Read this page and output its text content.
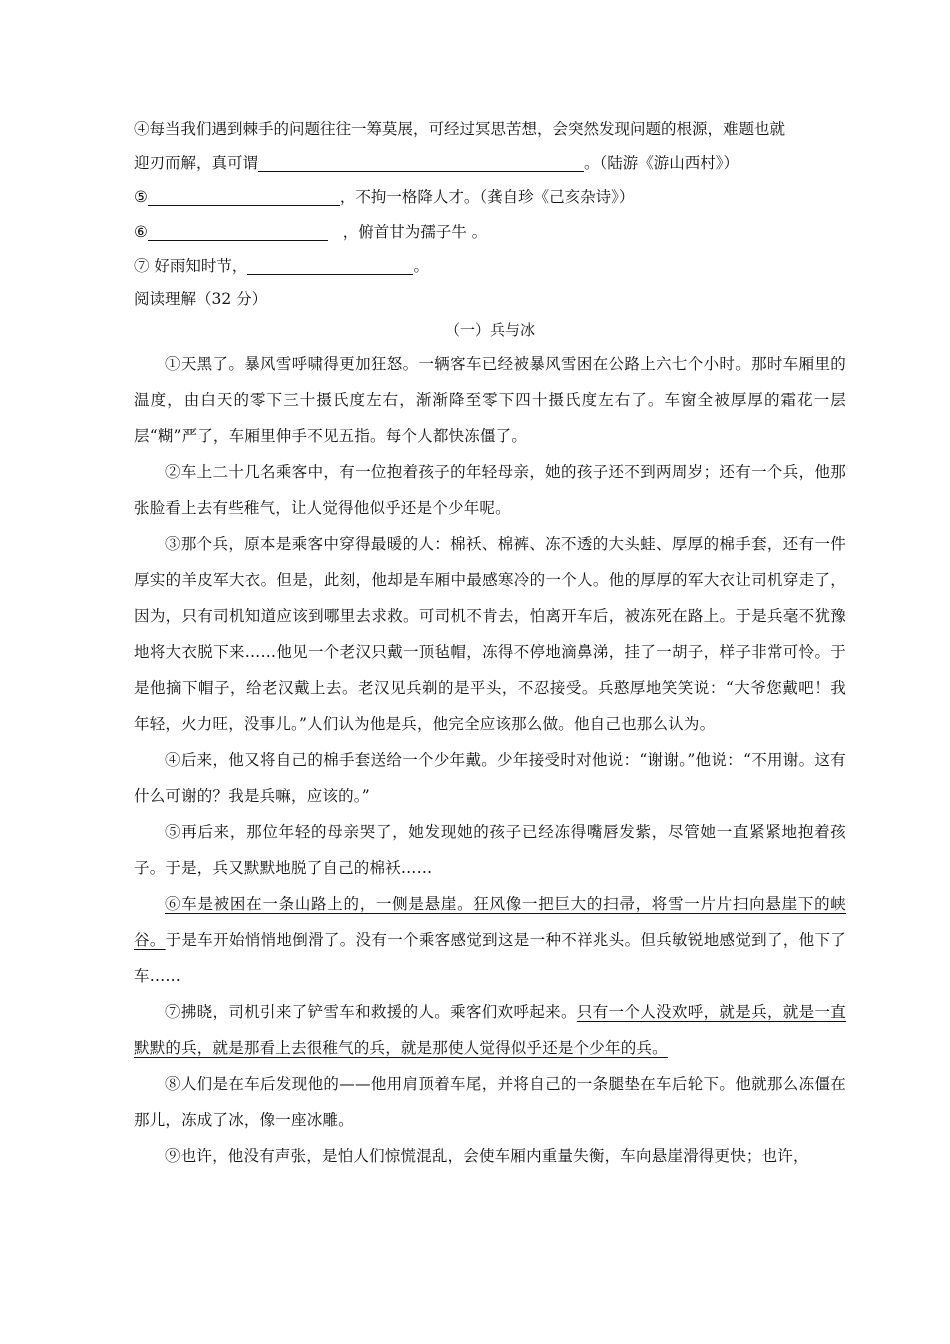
④每当我们遇到棘手的问题往往一筹莫展，可经过冥思苦想，会突然发现问题的根源，难题也就
迎刃而解，真可谓	。（陆游《游山西村》）
⑤	，不拘一格降人才。（龚自珍《己亥杂诗》）
⑥	，俯首甘为孺子牛 。
⑦ 好雨知时节，	。
阅读理解（32 分）
（一）兵与冰

①天黑了。暴风雪呼啸得更加狂怒。一辆客车已经被暴风雪困在公路上六七个小时。那时车厢里的温度，由白天的零下三十摄氏度左右，渐渐降至零下四十摄氏度左右了。车窗全被厚厚的霜花一层层“糊”严了，车厢里伸手不见五指。每个人都快冻僵了。

②车上二十几名乘客中，有一位抱着孩子的年轻母亲，她的孩子还不到两周岁；还有一个兵，他那张脸看上去有些稚气，让人觉得他似乎还是个少年呢。

③那个兵，原本是乘客中穿得最暖的人：棉袄、棉裤、冻不透的大头蛙、厚厚的棉手套，还有一件厚实的羊皮军大衣。但是，此刻，他却是车厢中最感寒冷的一个人。他的厚厚的军大衣让司机穿走了，因为，只有司机知道应该到哪里去求救。可司机不肯去，怕离开车后，被冻死在路上。于是兵毫不犹豫地将大衣脱下来……他见一个老汉只戴一顶毡帽，冻得不停地滴鼻涕，挂了一胡子，样子非常可怜。于是他摘下帽子，给老汉戴上去。老汉见兵剃的是平头，不忍接受。兵憨厚地笑笑说：“大爷您戴吧！我年轻，火力旺，没事儿。”人们认为他是兵，他完全应该那么做。他自己也那么认为。

④后来，他又将自己的棉手套送给一个少年戴。少年接受时对他说：“谢谢。”他说：“不用谢。这有什么可谢的？我是兵嘛，应该的。”

⑤再后来，那位年轻的母亲哭了，她发现她的孩子已经冻得嘴唇发紫，尽管她一直紧紧地抱着孩子。于是，兵又默默地脱了自己的棉袄……

⑥车是被困在一条山路上的，一侧是悬崖。狂风像一把巨大的扫帚，将雪一片片扫向悬崖下的峡谷。于是车开始悄悄地倒滑了。没有一个乘客感觉到这是一种不祥兆头。但兵敏锐地感觉到了，他下了车……

⑦拂晓，司机引来了铲雪车和救援的人。乘客们欢呼起来。只有一个人没欢呼，就是兵，就是一直默默的兵，就是那看上去很稚气的兵，就是那使人觉得似乎还是个少年的兵。

⑧人们是在车后发现他的——他用肩顶着车尾，并将自己的一条腿垫在车后轮下。他就那么冻僵在那儿，冻成了冰，像一座冰雕。

⑨也许，他没有声张，是怕人们惊慌混乱，会使车厢内重量失衡，车向悬崖滑得更快；也许，
